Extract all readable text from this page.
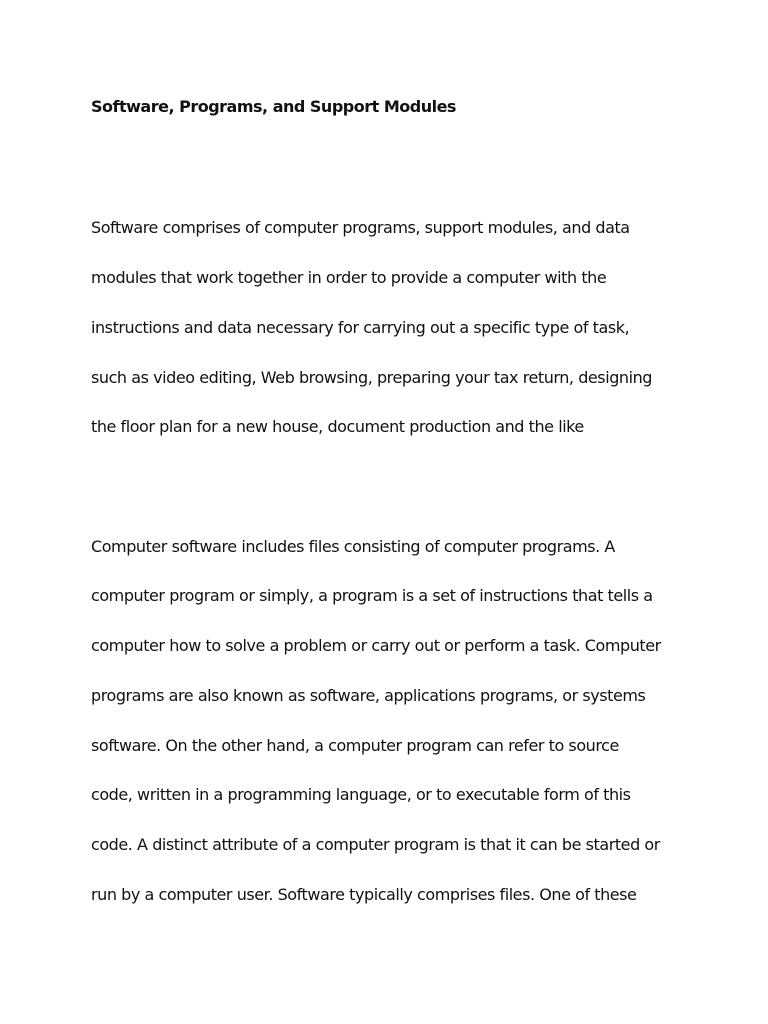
Software, Programs, and Support Modules

Software comprises of computer programs, support modules, and data

modules that work together in order to provide a computer with the

instructions and data necessary for carrying out a specific type of task,

such as video editing, Web browsing, preparing your tax return, designing

the floor plan for a new house, document production and the like

Computer software includes files consisting of computer programs. A

computer program or simply, a program is a set of instructions that tells a

computer how to solve a problem or carry out or perform a task. Computer

programs are also known as software, applications programs, or systems

software. On the other hand, a computer program can refer to source

code, written in a programming language, or to executable form of this

code. A distinct attribute of a computer program is that it can be started or

run by a computer user. Software typically comprises files. One of these
